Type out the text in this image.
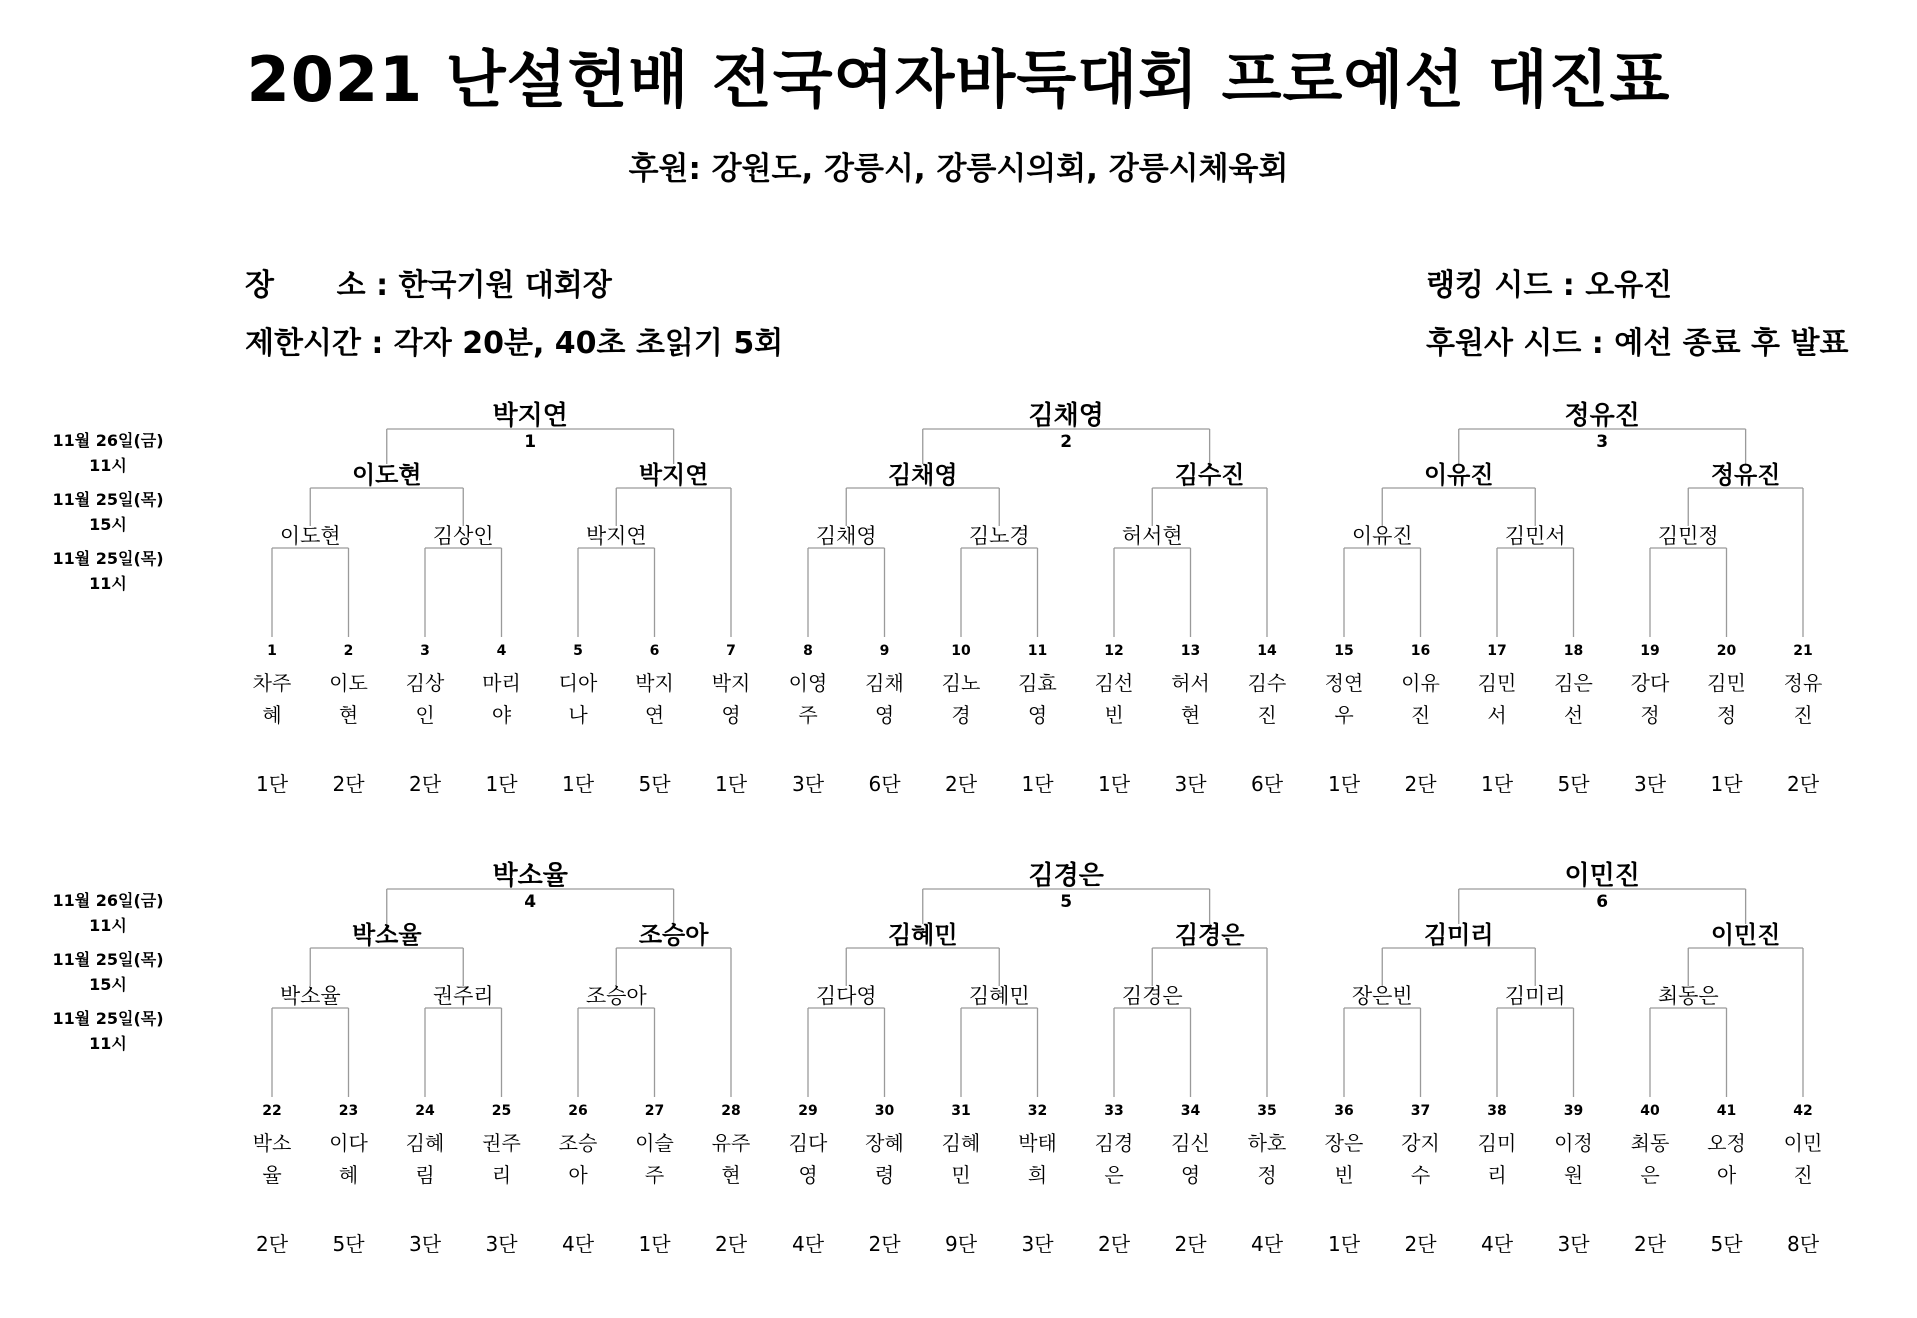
2021 난설헌배 전국여자바둑대회 프로예선 대진표
후원: 강원도, 강릉시, 강릉시의회, 강릉시체육회
장      소 : 한국기원 대회장
제한시간 : 각자 20분, 40초 초읽기 5회
랭킹 시드 : 오유진
후원사 시드 : 예선 종료 후 발표
11월 26일(금)
11시
11월 25일(목)
15시
11월 25일(목)
11시
박지연
1
이도현	박지연
이도현	김상인	박지연
1
차주혜
1단
2
이도현
2단
3
김상인
2단
4
마리야
1단
5
디아나
1단
6
박지연
5단
7
박지영
1단
김채영
2
김채영	김수진
김채영	김노경	허서현
8
이영주
3단
9
김채영
6단
10
김노경
2단
11
김효영
1단
12
김선빈
1단
13
허서현
3단
14
김수진
6단
정유진
3
이유진	정유진
이유진	김민서	김민정
15
정연우
1단
16
이유진
2단
17
김민서
1단
18
김은선
5단
19
강다정
3단
20
김민정
1단
21
정유진
2단
11월 26일(금)
11시
11월 25일(목)
15시
11월 25일(목)
11시
박소율
4
박소율	조승아
박소율	권주리	조승아
22
박소율
2단
23
이다혜
5단
24
김혜림
3단
25
권주리
3단
26
조승아
4단
27
이슬주
1단
28
유주현
2단
김경은
5
김혜민	김경은
김다영	김혜민	김경은
29
김다영
4단
30
장혜령
2단
31
김혜민
9단
32
박태희
3단
33
김경은
2단
34
김신영
2단
35
하호정
4단
이민진
6
김미리	이민진
장은빈	김미리	최동은
36
장은빈
1단
37
강지수
2단
38
김미리
4단
39
이정원
3단
40
최동은
2단
41
오정아
5단
42
이민진
8단
